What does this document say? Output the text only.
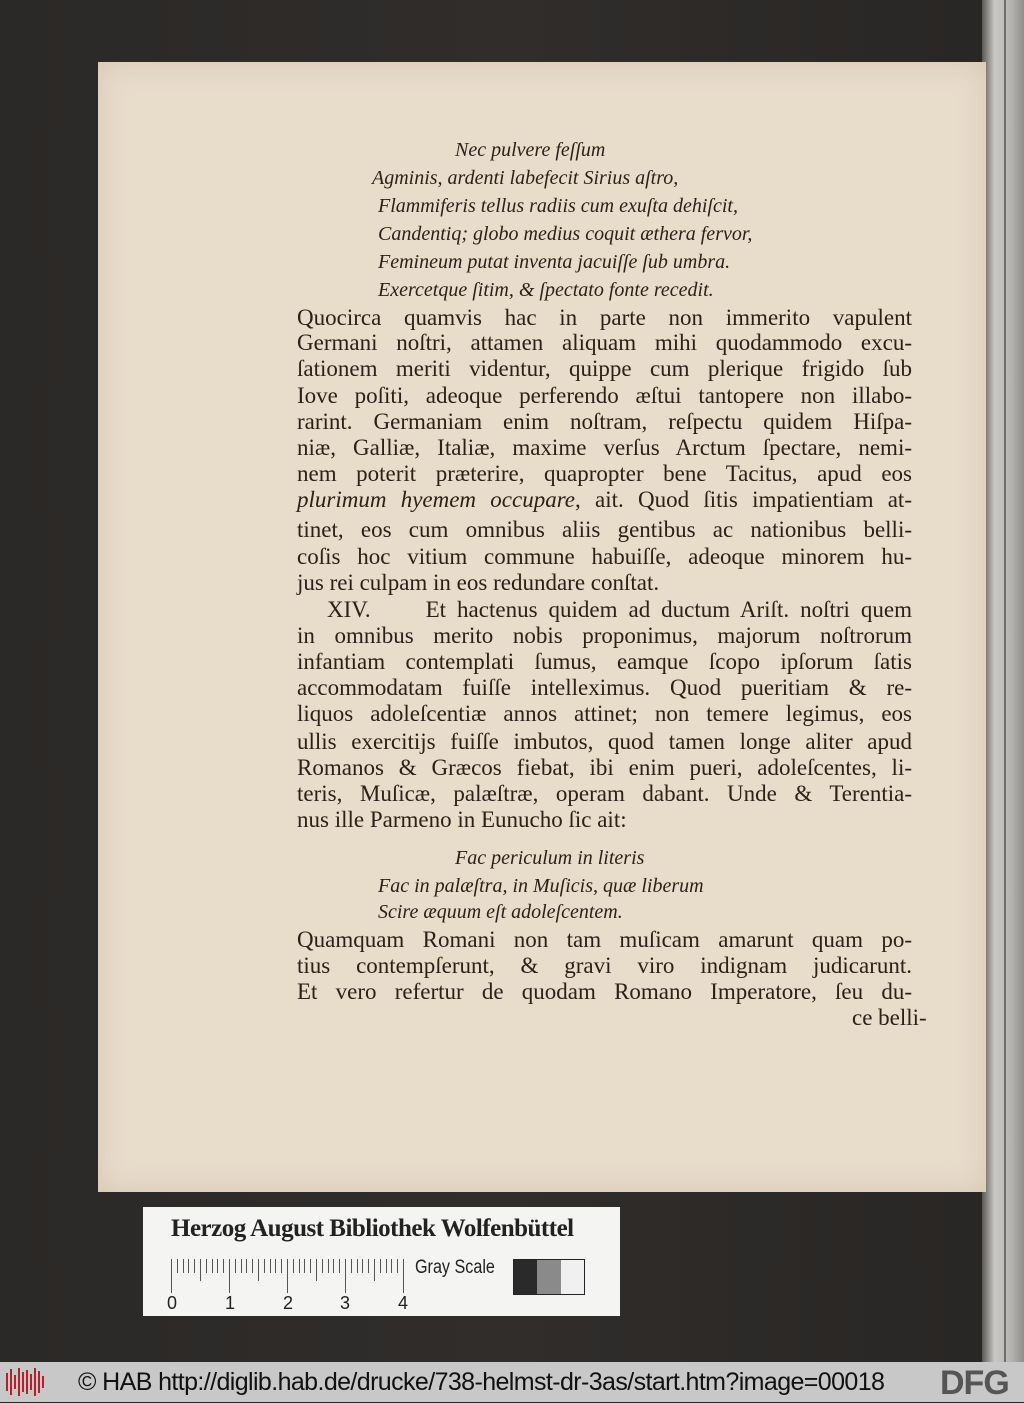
Nec pulvere feſſum
Agminis, ardenti labefecit Sirius aſtro,
Flammiferis tellus radiis cum exuſta dehiſcit,
Candentiq; globo medius coquit æthera fervor,
Femineum putat inventa jacuiſſe ſub umbra.
Exercetque ſitim, & ſpectato fonte recedit.
Quocirca quamvis hac in parte non immerito vapulent
Germani noſtri, attamen aliquam mihi quodammodo excu-
ſationem meriti videntur, quippe cum plerique frigido ſub
Iove poſiti, adeoque perferendo æſtui tantopere non illabo-
rarint. Germaniam enim noſtram, reſpectu quidem Hiſpa-
niæ, Galliæ, Italiæ, maxime verſus Arctum ſpectare, nemi-
nem poterit præterire, quapropter bene Tacitus, apud eos
plurimum hyemem occupare, ait. Quod ſitis impatientiam at-
tinet, eos cum omnibus aliis gentibus ac nationibus belli-
coſis hoc vitium commune habuiſſe, adeoque minorem hu-
jus rei culpam in eos redundare conſtat.
XIV.     Et hactenus quidem ad ductum Ariſt. noſtri quem
in omnibus merito nobis proponimus, majorum noſtrorum
infantiam contemplati ſumus, eamque ſcopo ipſorum ſatis
accommodatam fuiſſe intelleximus. Quod pueritiam & re-
liquos adoleſcentiæ annos attinet; non temere legimus, eos
ullis exercitijs fuiſſe imbutos, quod tamen longe aliter apud
Romanos & Græcos fiebat, ibi enim pueri, adoleſcentes, li-
teris, Muſicæ, palæſtræ, operam dabant. Unde & Terentia-
nus ille Parmeno in Eunucho ſic ait:
Fac periculum in literis
Fac in palæſtra, in Muſicis, quæ liberum
Scire æquum eſt adoleſcentem.
Quamquam Romani non tam muſicam amarunt quam po-
tius contempſerunt, & gravi viro indignam judicarunt.
Et vero refertur de quodam Romano Imperatore, ſeu du-
ce belli-
Herzog August Bibliothek Wolfenbüttel
0	1	2	3	4
Gray Scale
© HAB http://diglib.hab.de/drucke/738-helmst-dr-3as/start.htm?image=00018 DFG
